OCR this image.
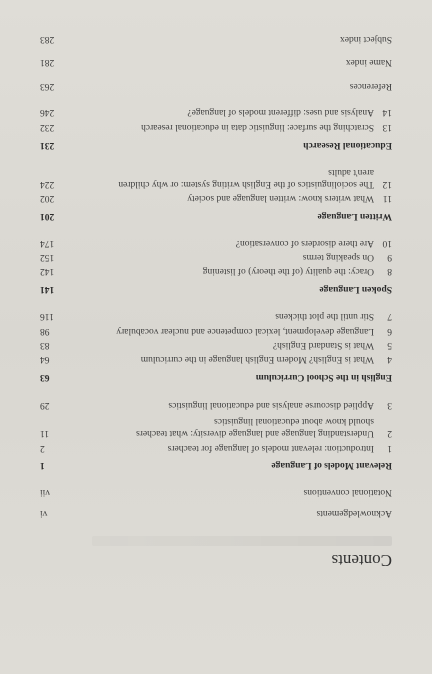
Contents
Acknowledgements
vi
Notational conventions
vii
Relevant Models of Language
1
1
Introduction: relevant models of language for teachers
2
2
Understanding language and language diversity: what teachers
11
should know about educational linguistics
3
Applied discourse analysis and educational linguistics
29
English in the School Curriculum
63
4
What is English? Modern English language in the curriculum
64
5
What is Standard English?
83
6
Language development, lexical competence and nuclear vocabulary
98
7
Stir until the plot thickens
116
Spoken Language
141
8
Oracy: the quality (of the theory) of listening
142
9
On speaking terms
152
10
Are there disorders of conversation?
174
Written Language
201
11
What writers know: written language and society
202
12
The sociolinguistics of the English writing system: or why children
224
aren't adults
Educational Research
231
13
Scratching the surface: linguistic data in educational research
232
14
Analysis and uses: different models of language?
246
References
263
Name index
281
Subject index
283
